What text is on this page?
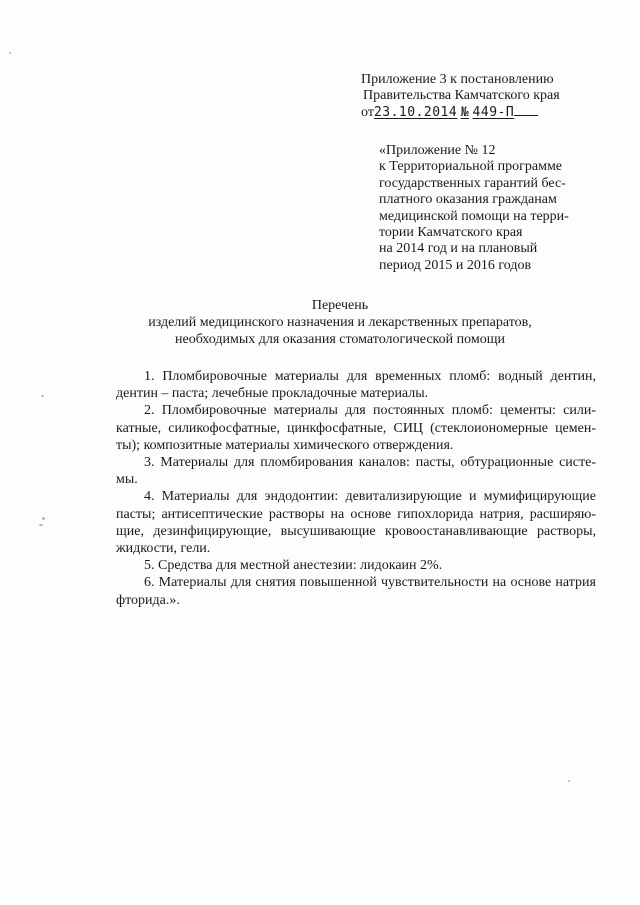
Приложение 3 к постановлению
Правительства Камчатского края
от23.10.2014 № 449-П
«Приложение № 12
к Территориальной программе
государственных гарантий бес-
платного оказания гражданам
медицинской помощи на терри-
тории Камчатского края
на 2014 год и на плановый
период 2015 и 2016 годов
Перечень
изделий медицинского назначения и лекарственных препаратов,
необходимых для оказания стоматологической помощи
1. Пломбировочные материалы для временных пломб: водный дентин,
дентин – паста; лечебные прокладочные материалы.
2. Пломбировочные материалы для постоянных пломб: цементы: сили-
катные, силикофосфатные, цинкфосфатные, СИЦ (стеклоиономерные цемен-
ты); композитные материалы химического отверждения.
3. Материалы для пломбирования каналов: пасты, обтурационные систе-
мы.
4. Материалы для эндодонтии: девитализирующие и мумифицирующие
пасты; антисептические растворы на основе гипохлорида натрия, расширяю-
щие, дезинфицирующие, высушивающие кровоостанавливающие растворы,
жидкости, гели.
5. Средства для местной анестезии: лидокаин 2%.
6. Материалы для снятия повышенной чувствительности на основе натрия
фторида.».
